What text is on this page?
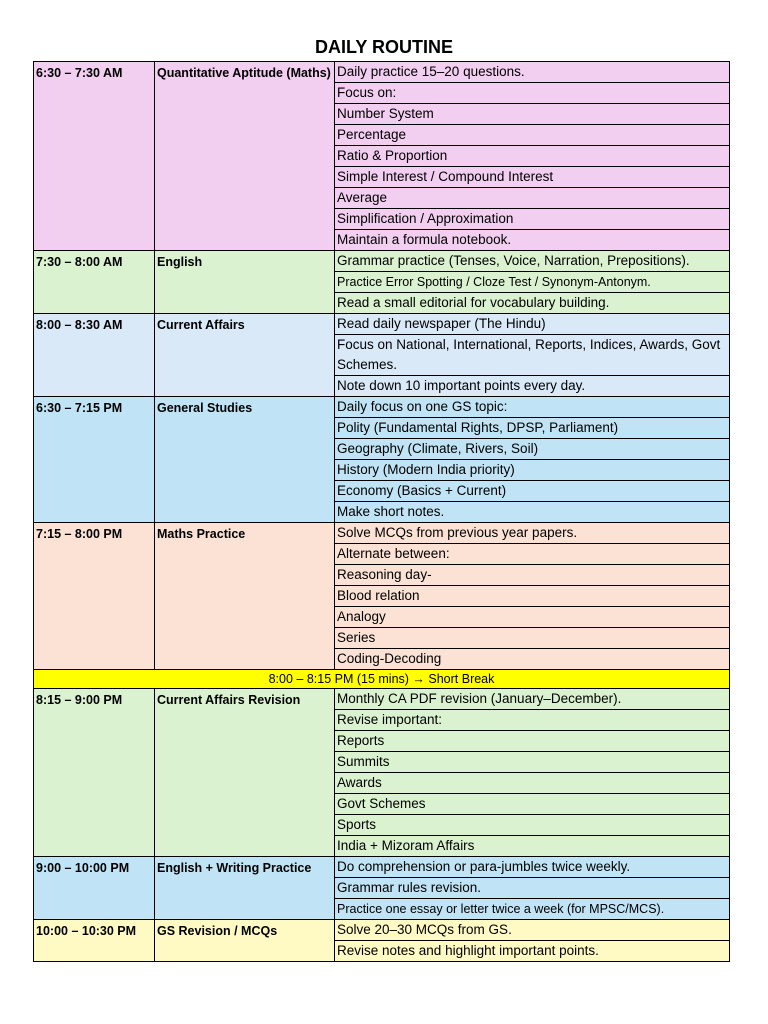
DAILY ROUTINE
6:30 – 7:30 AM	Quantitative Aptitude (Maths)	Daily practice 15–20 questions.
		Focus on:
		Number System
		Percentage
		Ratio & Proportion
		Simple Interest / Compound Interest
		Average
		Simplification / Approximation
		Maintain a formula notebook.
7:30 – 8:00 AM	English	Grammar practice (Tenses, Voice, Narration, Prepositions).
		Practice Error Spotting / Cloze Test / Synonym-Antonym.
		Read a small editorial for vocabulary building.
8:00 – 8:30 AM	Current Affairs	Read daily newspaper (The Hindu)
		Focus on National, International, Reports, Indices, Awards, Govt Schemes.
		Note down 10 important points every day.
6:30 – 7:15 PM	General Studies	Daily focus on one GS topic:
		Polity (Fundamental Rights, DPSP, Parliament)
		Geography (Climate, Rivers, Soil)
		History (Modern India priority)
		Economy (Basics + Current)
		Make short notes.
7:15 – 8:00 PM	Maths Practice	Solve MCQs from previous year papers.
		Alternate between:
		Reasoning day-
		Blood relation
		Analogy
		Series
		Coding-Decoding
8:00 – 8:15 PM (15 mins) → Short Break		
8:15 – 9:00 PM	Current Affairs Revision	Monthly CA PDF revision (January–December).
		Revise important:
		Reports
		Summits
		Awards
		Govt Schemes
		Sports
		India + Mizoram Affairs
9:00 – 10:00 PM	English + Writing Practice	Do comprehension or para-jumbles twice weekly.
		Grammar rules revision.
		Practice one essay or letter twice a week (for MPSC/MCS).
10:00 – 10:30 PM	GS Revision / MCQs	Solve 20–30 MCQs from GS.
		Revise notes and highlight important points.
